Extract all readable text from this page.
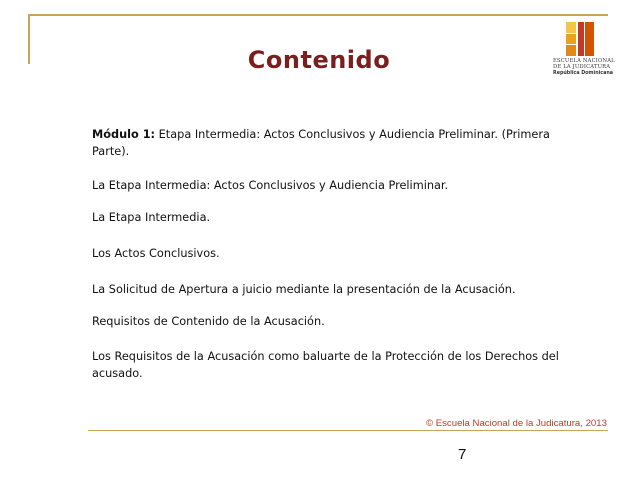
Contenido	ESCUELA NACIONAL
DE LA JUDICATURA
República Dominicana
Módulo 1: Etapa Intermedia: Actos Conclusivos y Audiencia Preliminar. (Primera Parte).
La Etapa Intermedia: Actos Conclusivos y Audiencia Preliminar.
La Etapa Intermedia.
Los Actos Conclusivos.
La Solicitud de Apertura a juicio mediante la presentación de la Acusación.
Requisitos de Contenido de la Acusación.
Los Requisitos de la Acusación como baluarte de la Protección de los Derechos del acusado.
© Escuela Nacional de la Judicatura, 2013
7
